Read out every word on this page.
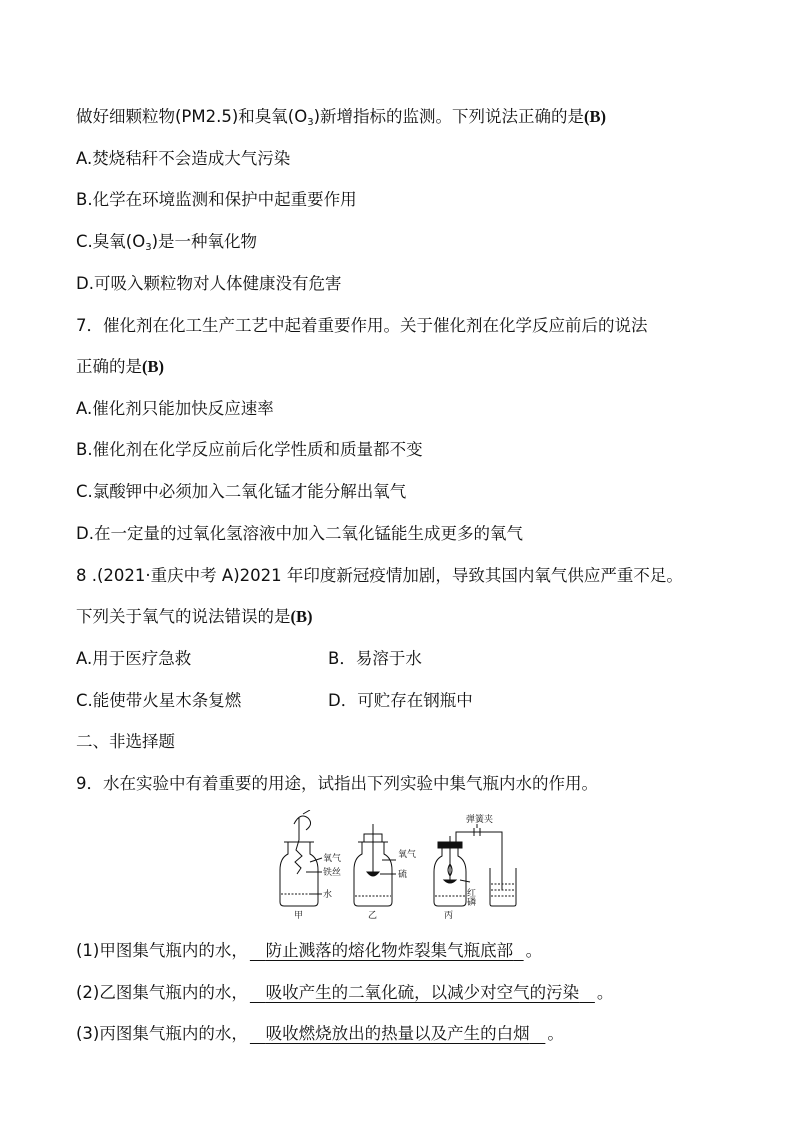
做好细颗粒物(PM2.5)和臭氧$(O_3)$新增指标的监测。下列说法正确的是(B)
A.焚烧秸秆不会造成大气污染
B.化学在环境监测和保护中起重要作用
C.臭氧$(O_3)$是一种氧化物
D.可吸入颗粒物对人体健康没有危害
7．催化剂在化工生产工艺中起着重要作用。关于催化剂在化学反应前后的说法
正确的是(B)
A.催化剂只能加快反应速率
B.催化剂在化学反应前后化学性质和质量都不变
C.氯酸钾中必须加入二氧化锰才能分解出氧气
D.在一定量的过氧化氢溶液中加入二氧化锰能生成更多的氧气
8 .(2021·重庆中考 A)2021 年印度新冠疫情加剧，导致其国内氧气供应严重不足。
下列关于氧气的说法错误的是(B)
A.用于医疗急救	B．易溶于水
C.能使带火星木条复燃	D．可贮存在钢瓶中
二、非选择题
9．水在实验中有着重要的用途，试指出下列实验中集气瓶内水的作用。
氧气
铁丝
水
甲
氧气
硫
乙
弹簧夹
红磷
丙
(1)甲图集气瓶内的水， 防止溅落的熔化物炸裂集气瓶底部 。
(2)乙图集气瓶内的水， 吸收产生的二氧化硫，以减少对空气的污染 。
(3)丙图集气瓶内的水， 吸收燃烧放出的热量以及产生的白烟 。
